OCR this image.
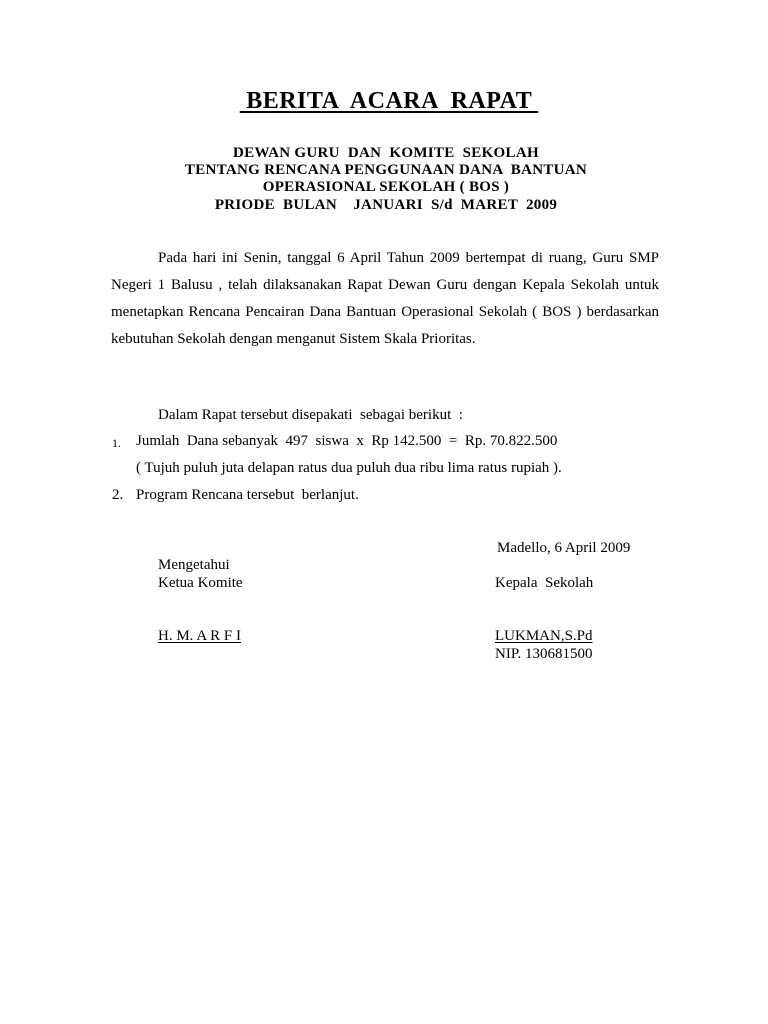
BERITA  ACARA  RAPAT
DEWAN GURU  DAN  KOMITE  SEKOLAH
TENTANG RENCANA PENGGUNAAN DANA  BANTUAN
OPERASIONAL SEKOLAH ( BOS )
PRIODE  BULAN    JANUARI  S/d  MARET  2009
Pada hari ini Senin, tanggal 6 April Tahun 2009 bertempat di ruang, Guru SMP Negeri 1 Balusu , telah dilaksanakan Rapat Dewan Guru dengan Kepala Sekolah untuk menetapkan Rencana Pencairan Dana Bantuan Operasional Sekolah ( BOS ) berdasarkan kebutuhan Sekolah dengan menganut Sistem Skala Prioritas.
Dalam Rapat tersebut disepakati  sebagai berikut  :
1. Jumlah  Dana sebanyak  497  siswa  x  Rp 142.500  =  Rp. 70.822.500
( Tujuh puluh juta delapan ratus dua puluh dua ribu lima ratus rupiah ).
2. Program Rencana tersebut  berlanjut.
Madello, 6 April 2009
Mengetahui
Ketua Komite	Kepala  Sekolah
H. M. A R F I	LUKMAN,S.Pd
NIP. 130681500
